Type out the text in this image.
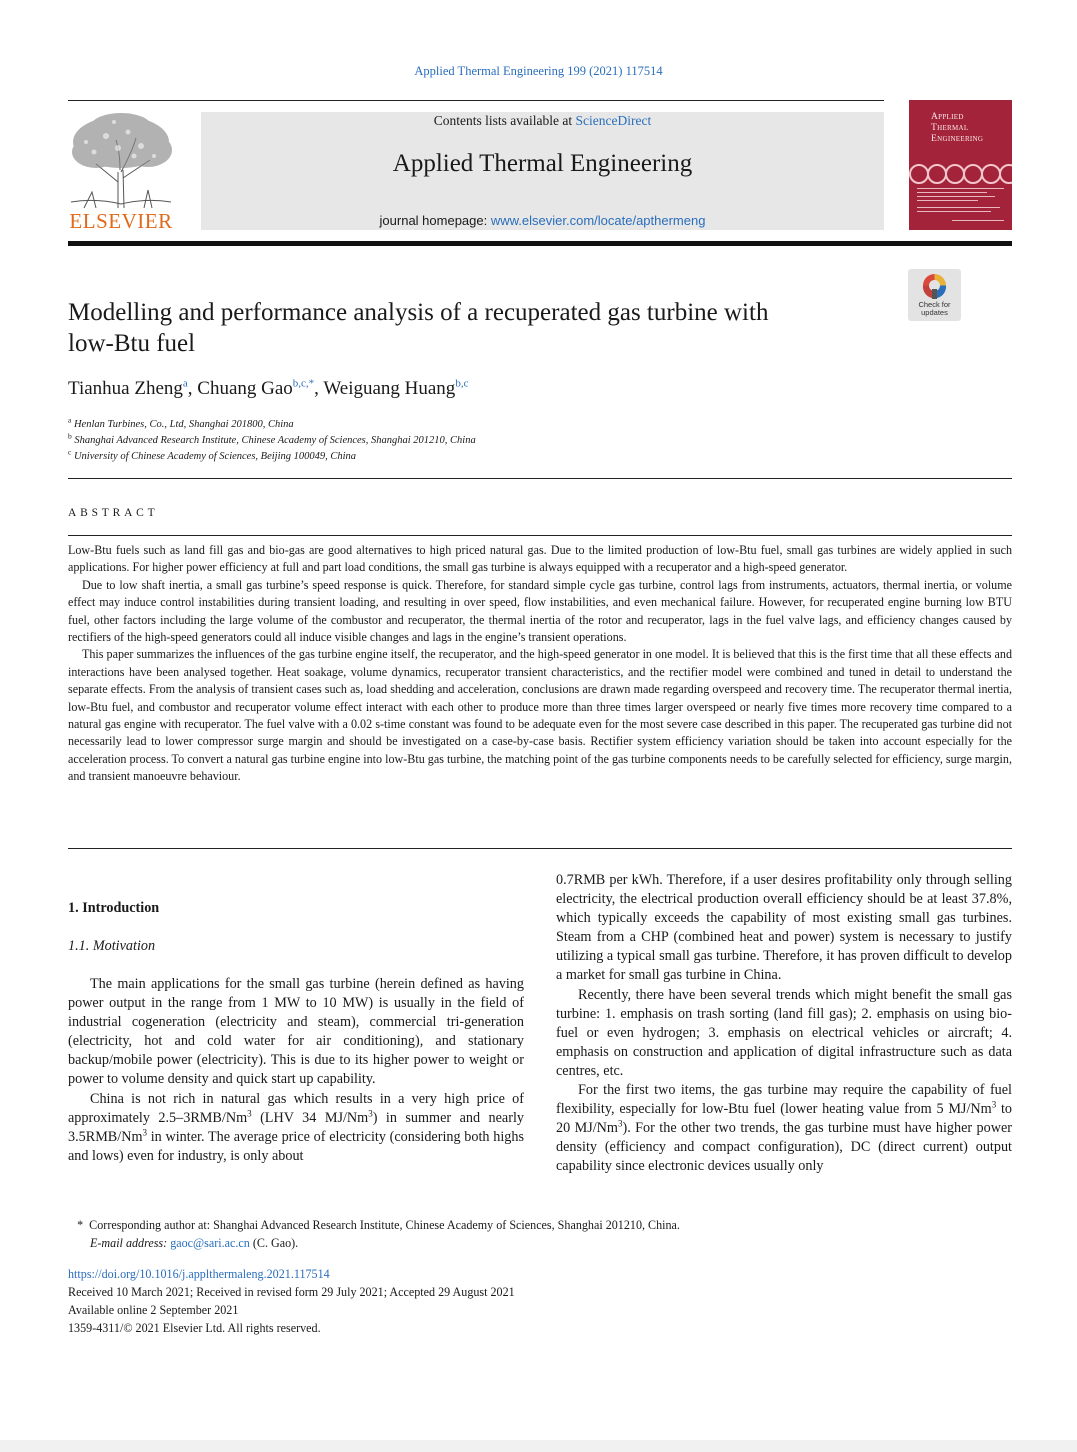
Applied Thermal Engineering 199 (2021) 117514
ELSEVIER
Contents lists available at ScienceDirect
Applied Thermal Engineering
journal homepage: www.elsevier.com/locate/apthermeng
Applied
Thermal
Engineering
Check for
updates
Modelling and performance analysis of a recuperated gas turbine with
low-Btu fuel
Tianhua Zheng$^a$, Chuang Gao$^{b,c,*}$, Weiguang Huang$^{b,c}$
$^a$ Henlan Turbines, Co., Ltd, Shanghai 201800, China
$^b$ Shanghai Advanced Research Institute, Chinese Academy of Sciences, Shanghai 201210, China
$^c$ University of Chinese Academy of Sciences, Beijing 100049, China
ABSTRACT

Low-Btu fuels such as land fill gas and bio-gas are good alternatives to high priced natural gas. Due to the limited production of low-Btu fuel, small gas turbines are widely applied in such applications. For higher power efficiency at full and part load conditions, the small gas turbine is always equipped with a recuperator and a high-speed generator.

Due to low shaft inertia, a small gas turbine’s speed response is quick. Therefore, for standard simple cycle gas turbine, control lags from instruments, actuators, thermal inertia, or volume effect may induce control instabilities during transient loading, and resulting in over speed, flow instabilities, and even mechanical failure. However, for recuperated engine burning low BTU fuel, other factors including the large volume of the combustor and recuperator, the thermal inertia of the rotor and recuperator, lags in the fuel valve lags, and efficiency changes caused by rectifiers of the high-speed generators could all induce visible changes and lags in the engine’s transient operations.

This paper summarizes the influences of the gas turbine engine itself, the recuperator, and the high-speed generator in one model. It is believed that this is the first time that all these effects and interactions have been analysed together. Heat soakage, volume dynamics, recuperator transient characteristics, and the rectifier model were combined and tuned in detail to understand the separate effects. From the analysis of transient cases such as, load shedding and acceleration, conclusions are drawn made regarding overspeed and recovery time. The recuperator thermal inertia, low-Btu fuel, and combustor and recuperator volume effect interact with each other to produce more than three times larger overspeed or nearly five times more recovery time compared to a natural gas engine with recuperator. The fuel valve with a 0.02 s-time constant was found to be adequate even for the most severe case described in this paper. The recuperated gas turbine did not necessarily lead to lower compressor surge margin and should be investigated on a case-by-case basis. Rectifier system efficiency variation should be taken into account especially for the acceleration process. To convert a natural gas turbine engine into low-Btu gas turbine, the matching point of the gas turbine components needs to be carefully selected for efficiency, surge margin, and transient manoeuvre behaviour.

1. Introduction
1.1. Motivation

The main applications for the small gas turbine (herein defined as having power output in the range from 1 MW to 10 MW) is usually in the field of industrial cogeneration (electricity and steam), commercial tri-generation (electricity, hot and cold water for air conditioning), and stationary backup/mobile power (electricity). This is due to its higher power to weight or power to volume density and quick start up capability.

China is not rich in natural gas which results in a very high price of approximately 2.5–3RMB/Nm$^3$ (LHV 34 MJ/Nm$^3$) in summer and nearly 3.5RMB/Nm$^3$ in winter. The average price of electricity (considering both highs and lows) even for industry, is only about

0.7RMB per kWh. Therefore, if a user desires profitability only through selling electricity, the electrical production overall efficiency should be at least 37.8%, which typically exceeds the capability of most existing small gas turbines. Steam from a CHP (combined heat and power) system is necessary to justify utilizing a typical small gas turbine. Therefore, it has proven difficult to develop a market for small gas turbine in China.

Recently, there have been several trends which might benefit the small gas turbine: 1. emphasis on trash sorting (land fill gas); 2. emphasis on using bio-fuel or even hydrogen; 3. emphasis on electrical vehicles or aircraft; 4. emphasis on construction and application of digital infrastructure such as data centres, etc.

For the first two items, the gas turbine may require the capability of fuel flexibility, especially for low-Btu fuel (lower heating value from 5 MJ/Nm$^3$ to 20 MJ/Nm$^3$). For the other two trends, the gas turbine must have higher power density (efficiency and compact configuration), DC (direct current) output capability since electronic devices usually only

* Corresponding author at: Shanghai Advanced Research Institute, Chinese Academy of Sciences, Shanghai 201210, China.
E-mail address: gaoc@sari.ac.cn (C. Gao).
https://doi.org/10.1016/j.applthermaleng.2021.117514
Received 10 March 2021; Received in revised form 29 July 2021; Accepted 29 August 2021
Available online 2 September 2021
1359-4311/© 2021 Elsevier Ltd. All rights reserved.
